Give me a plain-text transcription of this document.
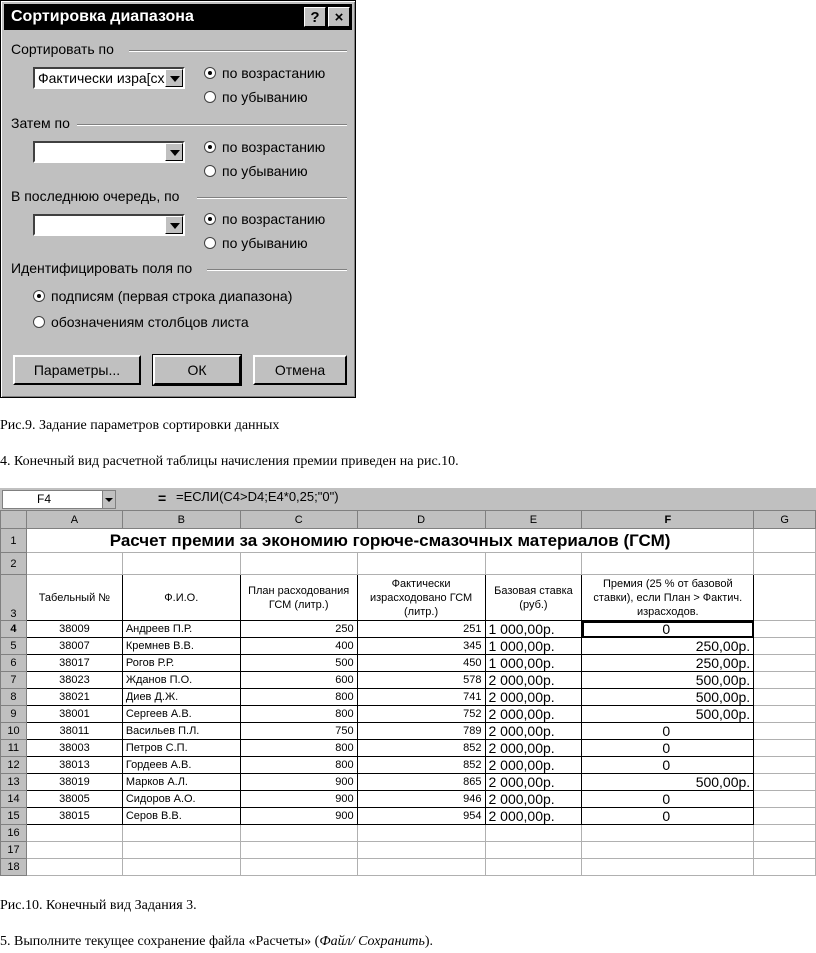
Сортировка диапазона	?	×
Сортировать по
Фактически изра[сх	по возрастанию
по убыванию
Затем по
по возрастанию
по убыванию
В последнюю очередь, по
по возрастанию
по убыванию
Идентифицировать поля по
подписям (первая строка диапазона)
обозначениям столбцов листа
Параметры...	ОК	Отмена
Рис.9. Задание параметров сортировки данных
4. Конечный вид расчетной таблицы начисления премии приведен на рис.10.
F4	= =ЕСЛИ(C4>D4;E4*0,25;"0")
	A	B	C	D	E	F	G
1	Расчет премии за экономию горюче-смазочных материалов (ГСМ)						
2							
3	Табельный №	Ф.И.О.	План расходования ГСМ (литр.)	Фактически израсходовано ГСМ (литр.)	Базовая ставка (руб.)	Премия (25 % от базовой ставки), если План > Фактич. израсходов.	
4	38009	Андреев П.Р.	250	251	1 000,00р.	0	
5	38007	Кремнев В.В.	400	345	1 000,00р.	250,00р.	
6	38017	Рогов Р.Р.	500	450	1 000,00р.	250,00р.	
7	38023	Жданов П.О.	600	578	2 000,00р.	500,00р.	
8	38021	Диев Д.Ж.	800	741	2 000,00р.	500,00р.	
9	38001	Сергеев А.В.	800	752	2 000,00р.	500,00р.	
10	38011	Васильев П.Л.	750	789	2 000,00р.	0	
11	38003	Петров С.П.	800	852	2 000,00р.	0	
12	38013	Гордеев А.В.	800	852	2 000,00р.	0	
13	38019	Марков А.Л.	900	865	2 000,00р.	500,00р.	
14	38005	Сидоров А.О.	900	946	2 000,00р.	0	
15	38015	Серов В.В.	900	954	2 000,00р.	0	
16							
17							
18							
Рис.10. Конечный вид Задания 3.
5. Выполните текущее сохранение файла «Расчеты» (Файл/ Сохранить).
